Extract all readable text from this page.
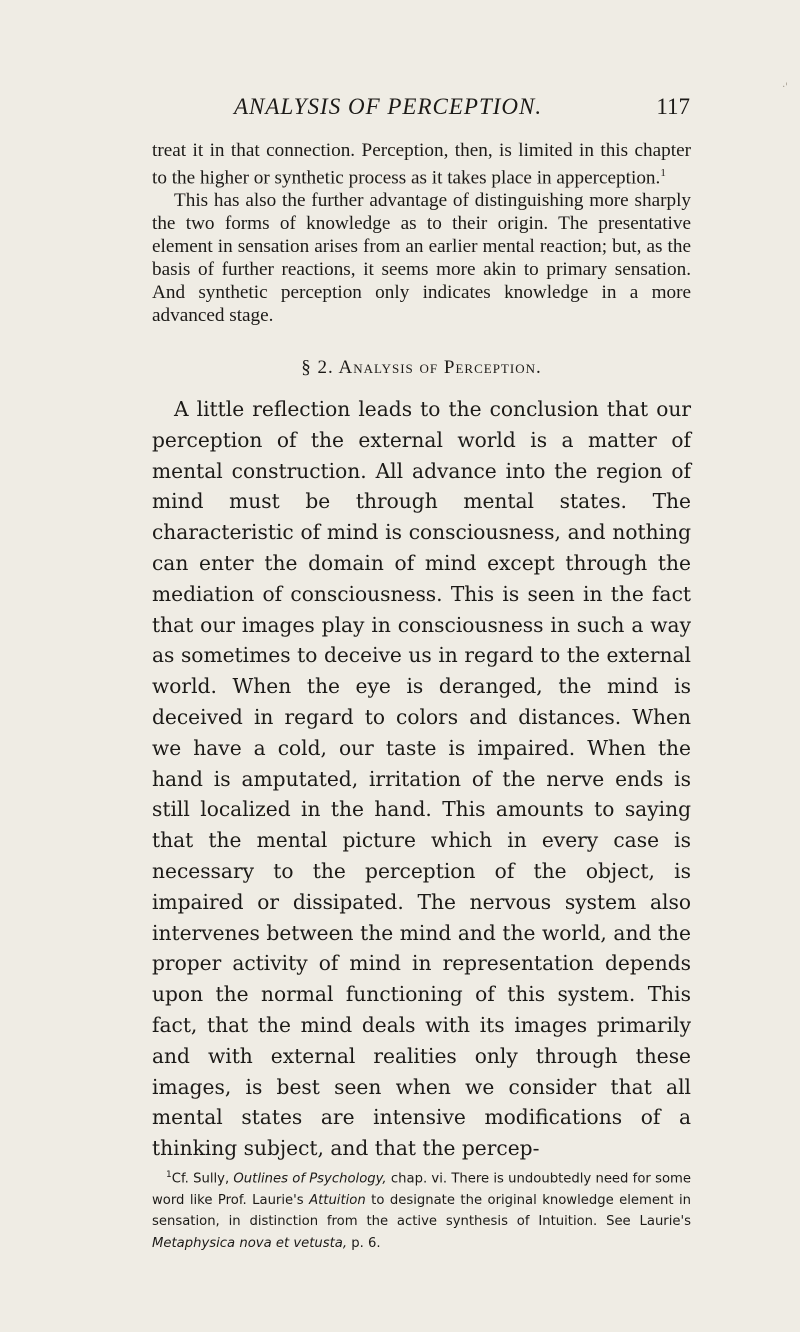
·'
ANALYSIS OF PERCEPTION.	117

treat it in that connection. Perception, then, is limited in this chapter to the higher or synthetic process as it takes place in apperception.$^1$

This has also the further advantage of distinguishing more sharply the two forms of knowledge as to their origin. The presentative element in sensation arises from an earlier mental reaction; but, as the basis of further reactions, it seems more akin to primary sensation. And synthetic perception only indicates knowledge in a more advanced stage.

§ 2. Analysis of Perception.

A little reflection leads to the conclusion that our perception of the external world is a matter of mental construction. All advance into the region of mind must be through mental states. The characteristic of mind is consciousness, and nothing can enter the domain of mind except through the mediation of consciousness. This is seen in the fact that our images play in consciousness in such a way as sometimes to deceive us in regard to the external world. When the eye is deranged, the mind is deceived in regard to colors and distances. When we have a cold, our taste is impaired. When the hand is amputated, irritation of the nerve ends is still localized in the hand. This amounts to saying that the mental picture which in every case is necessary to the perception of the object, is impaired or dissipated. The nervous system also intervenes between the mind and the world, and the proper activity of mind in representation depends upon the normal functioning of this system. This fact, that the mind deals with its images primarily and with external realities only through these images, is best seen when we consider that all mental states are intensive modifications of a thinking subject, and that the percep-

$^1$Cf. Sully, Outlines of Psychology, chap. vi. There is undoubtedly need for some word like Prof. Laurie's Attuition to designate the original knowledge element in sensation, in distinction from the active synthesis of Intuition. See Laurie's Metaphysica nova et vetusta, p. 6.
